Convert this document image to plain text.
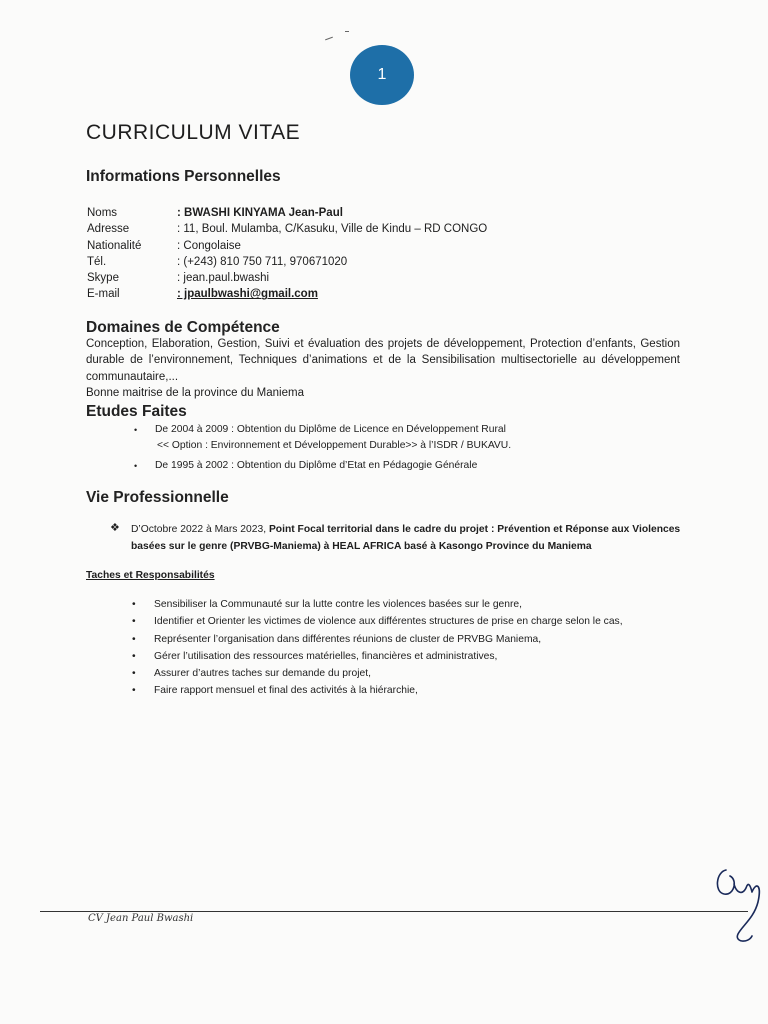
1
CURRICULUM VITAE
Informations Personnelles
Noms	: BWASHI KINYAMA Jean-Paul
Adresse	: 11, Boul. Mulamba, C/Kasuku, Ville de Kindu – RD CONGO
Nationalité	: Congolaise
Tél.	: (+243) 810 750 711, 970671020
Skype	: jean.paul.bwashi
E-mail	: jpaulbwashi@gmail.com
Domaines de Compétence

Conception, Elaboration, Gestion, Suivi et évaluation des projets de développement, Protection d’enfants, Gestion durable de l’environnement, Techniques d’animations et de la Sensibilisation multisectorielle au développement communautaire,...

Bonne maitrise de la province du Maniema

Etudes Faites
• De 2004 à 2009 : Obtention du Diplôme de Licence en Développement Rural
<< Option : Environnement et Développement Durable>> à l’ISDR / BUKAVU.
• De 1995 à 2002 : Obtention du Diplôme d’Etat en Pédagogie Générale
Vie Professionnelle
❖ D’Octobre 2022 à Mars 2023, Point Focal territorial dans le cadre du projet : Prévention et Réponse aux Violences basées sur le genre (PRVBG-Maniema) à HEAL AFRICA basé à Kasongo Province du Maniema
Taches et Responsabilités
• Sensibiliser la Communauté sur la lutte contre les violences basées sur le genre,
• Identifier et Orienter les victimes de violence aux différentes structures de prise en charge selon le cas,
• Représenter l’organisation dans différentes réunions de cluster de PRVBG Maniema,
• Gérer l’utilisation des ressources matérielles, financières et administratives,
• Assurer d’autres taches sur demande du projet,
• Faire rapport mensuel et final des activités à la hiérarchie,
CV Jean Paul Bwashi
